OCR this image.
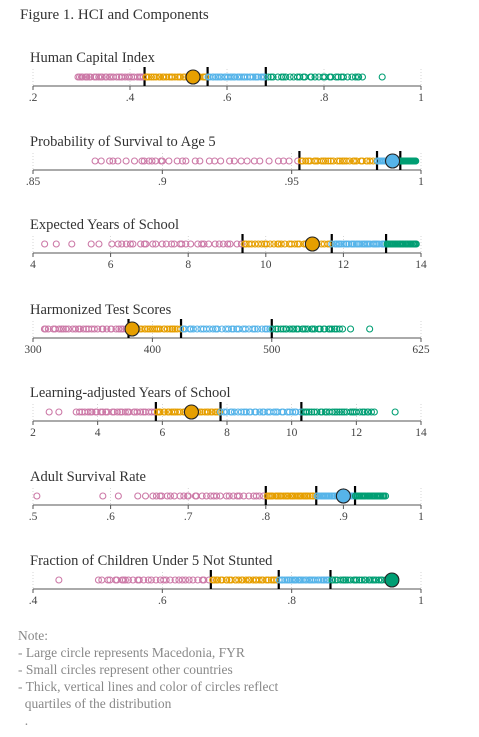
Figure 1. HCI and Components
Human Capital Index
.2	.4	.6	.8	1
Probability of Survival to Age 5
.85	.9	.95	1
Expected Years of School
4	6	8	10	12	14
Harmonized Test Scores
300	400	500	625
Learning-adjusted Years of School
2	4	6	8	10	12	14
Adult Survival Rate
.5	.6	.7	.8	.9	1
Fraction of Children Under 5 Not Stunted
.4	.6	.8	1
Note:
- Large circle represents Macedonia, FYR
- Small circles represent other countries
- Thick, vertical lines and color of circles reflect
quartiles of the distribution
.
